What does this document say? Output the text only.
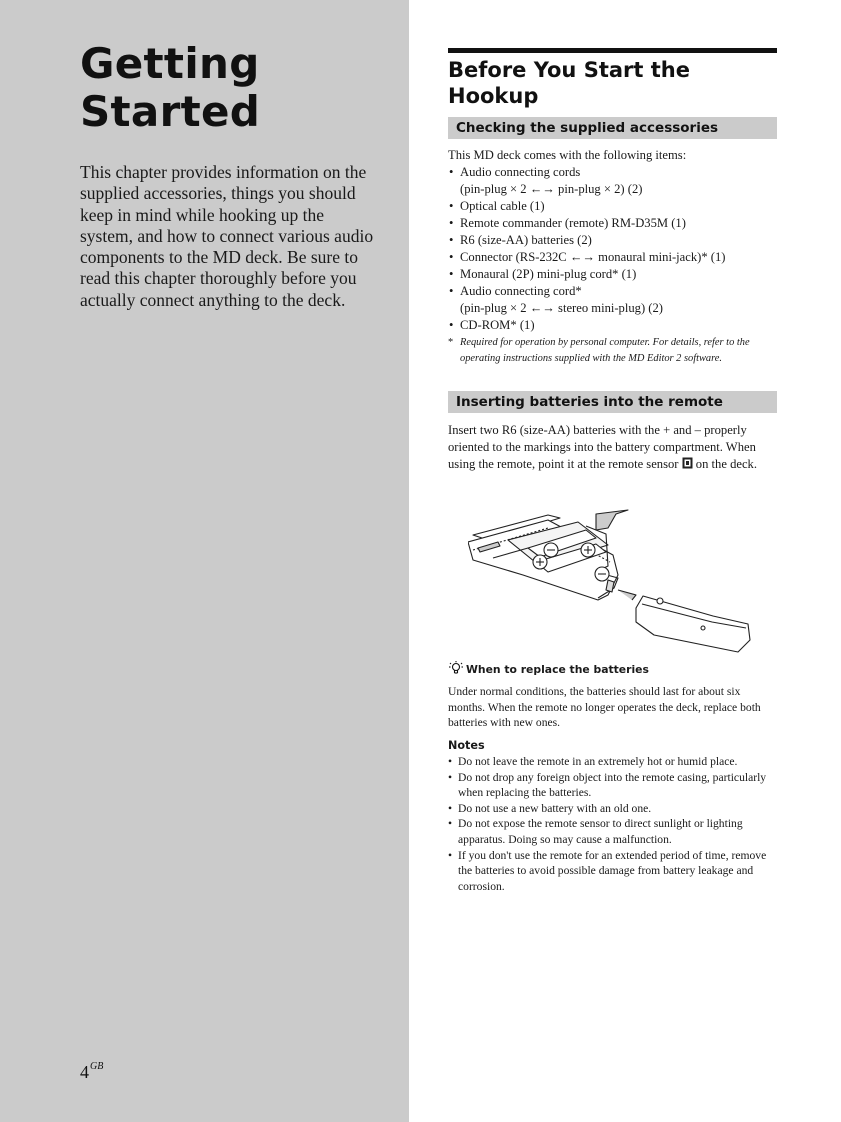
Getting
Started

This chapter provides information on the supplied accessories, things you should keep in mind while hooking up the system, and how to connect various audio components to the MD deck. Be sure to read this chapter thoroughly before you actually connect anything to the deck.

$4^{GB}$
Before You Start the
Hookup
Checking the supplied accessories
This MD deck comes with the following items:
• Audio connecting cords
(pin-plug × 2 ←→ pin-plug × 2) (2)
• Optical cable (1)
• Remote commander (remote) RM-D35M (1)
• R6 (size-AA) batteries (2)
• Connector (RS-232C ←→ monaural mini-jack)* (1)
• Monaural (2P) mini-plug cord* (1)
• Audio connecting cord*
(pin-plug × 2 ←→ stereo mini-plug) (2)
• CD-ROM* (1)
* Required for operation by personal computer. For details, refer to the operating instructions supplied with the MD Editor 2 software.
Inserting batteries into the remote
Insert two R6 (size-AA) batteries with the + and – properly oriented to the markings into the battery compartment. When using the remote, point it at the remote sensor on the deck.
When to replace the batteries
Under normal conditions, the batteries should last for about six months. When the remote no longer operates the deck, replace both batteries with new ones.
Notes
• Do not leave the remote in an extremely hot or humid place.
• Do not drop any foreign object into the remote casing, particularly when replacing the batteries.
• Do not use a new battery with an old one.
• Do not expose the remote sensor to direct sunlight or lighting apparatus. Doing so may cause a malfunction.
• If you don't use the remote for an extended period of time, remove the batteries to avoid possible damage from battery leakage and corrosion.
